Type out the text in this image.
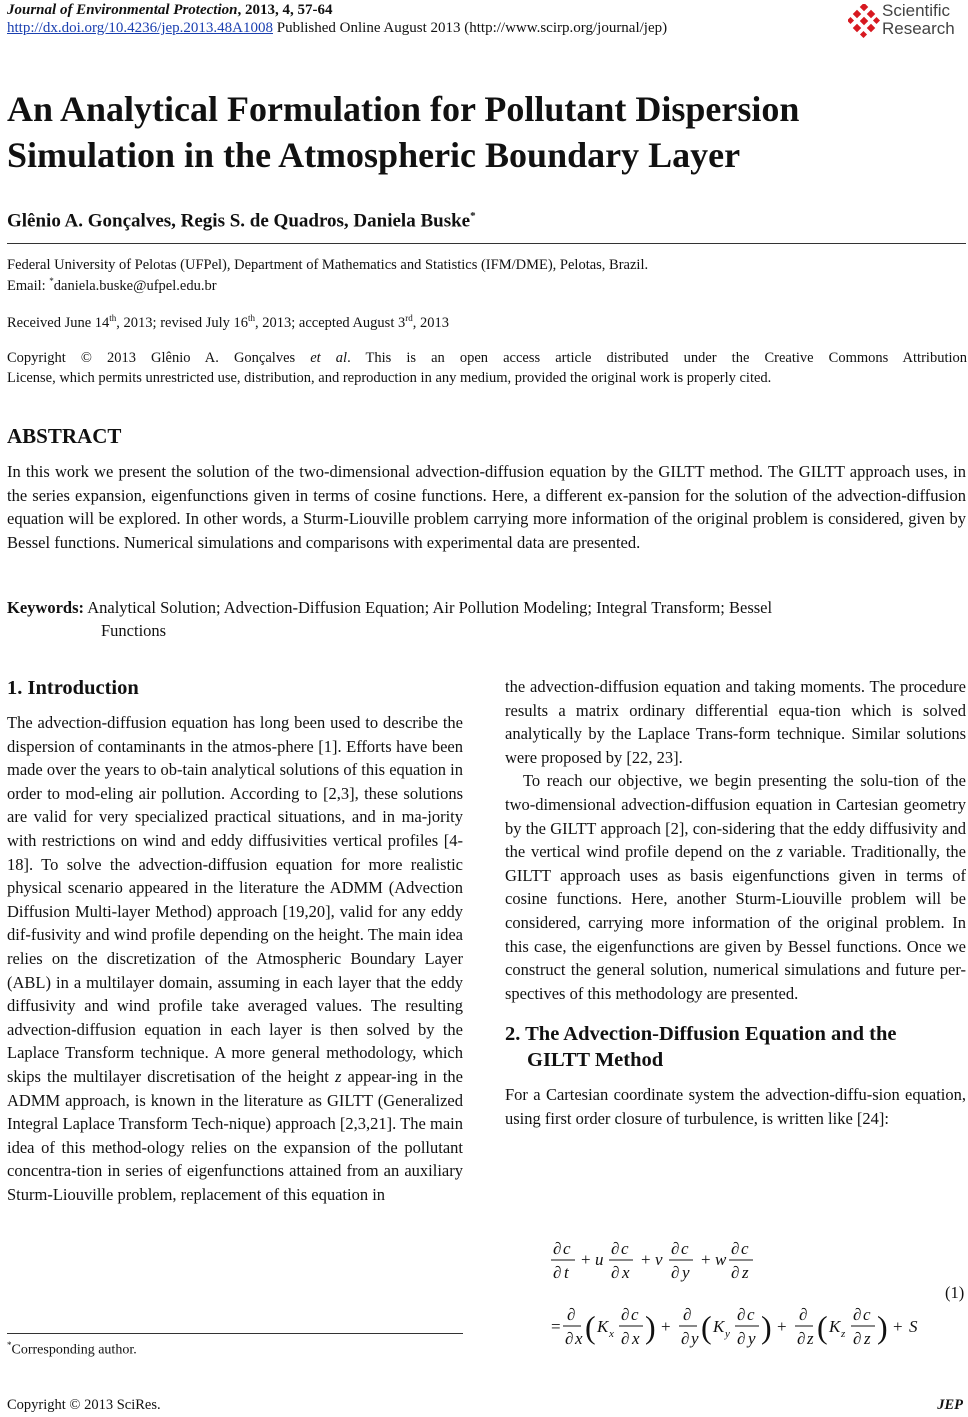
Journal of Environmental Protection, 2013, 4, 57-64
http://dx.doi.org/10.4236/jep.2013.48A1008 Published Online August 2013 (http://www.scirp.org/journal/jep)
Scientific
Research
An Analytical Formulation for Pollutant Dispersion
Simulation in the Atmospheric Boundary Layer
Glênio A. Gonçalves, Regis S. de Quadros, Daniela Buske*
Federal University of Pelotas (UFPel), Department of Mathematics and Statistics (IFM/DME), Pelotas, Brazil.
Email: *daniela.buske@ufpel.edu.br
Received June 14th, 2013; revised July 16th, 2013; accepted August 3rd, 2013
Copyright © 2013 Glênio A. Gonçalves et al. This is an open access article distributed under the Creative Commons Attribution
License, which permits unrestricted use, distribution, and reproduction in any medium, provided the original work is properly cited.
ABSTRACT
In this work we present the solution of the two-dimensional advection-diffusion equation by the GILTT method. The GILTT approach uses, in the series expansion, eigenfunctions given in terms of cosine functions. Here, a different ex-pansion for the solution of the advection-diffusion equation will be explored. In other words, a Sturm-Liouville problem carrying more information of the original problem is considered, given by Bessel functions. Numerical simulations and comparisons with experimental data are presented.
Keywords: Analytical Solution; Advection-Diffusion Equation; Air Pollution Modeling; Integral Transform; Bessel
Functions
1. Introduction

The advection-diffusion equation has long been used to describe the dispersion of contaminants in the atmos-phere [1]. Efforts have been made over the years to ob-tain analytical solutions of this equation in order to mod-eling air pollution. According to [2,3], these solutions are valid for very specialized practical situations, and in ma-jority with restrictions on wind and eddy diffusivities vertical profiles [4-18]. To solve the advection-diffusion equation for more realistic physical scenario appeared in the literature the ADMM (Advection Diffusion Multi-layer Method) approach [19,20], valid for any eddy dif-fusivity and wind profile depending on the height. The main idea relies on the discretization of the Atmospheric Boundary Layer (ABL) in a multilayer domain, assuming in each layer that the eddy diffusivity and wind profile take averaged values. The resulting advection-diffusion equation in each layer is then solved by the Laplace Transform technique. A more general methodology, which skips the multilayer discretisation of the height z appear-ing in the ADMM approach, is known in the literature as GILTT (Generalized Integral Laplace Transform Tech-nique) approach [2,3,21]. The main idea of this method-ology relies on the expansion of the pollutant concentra-tion in series of eigenfunctions attained from an auxiliary Sturm-Liouville problem, replacement of this equation in

the advection-diffusion equation and taking moments. The procedure results a matrix ordinary differential equa-tion which is solved analytically by the Laplace Trans-form technique. Similar solutions were proposed by [22, 23].

To reach our objective, we begin presenting the solu-tion of the two-dimensional advection-diffusion equation in Cartesian geometry by the GILTT approach [2], con-sidering that the eddy diffusivity and the vertical wind profile depend on the z variable. Traditionally, the GILTT approach uses as basis eigenfunctions given in terms of cosine functions. Here, another Sturm-Liouville problem will be considered, carrying more information of the original problem. In this case, the eigenfunctions are given by Bessel functions. Once we construct the general solution, numerical simulations and future per-spectives of this methodology are presented.

2. The Advection-Diffusion Equation and the
GILTT Method

For a Cartesian coordinate system the advection-diffu-sion equation, using first order closure of turbulence, is written like [24]:

∂ c
∂ t
+ u
∂ c
∂ x
+ v
∂ c
∂ y
+ w
∂ c
∂ z
=
∂
∂ x ( K x
∂ c
∂ x ) +
∂
∂ y ( K y
∂ c
∂ y ) +
∂
∂ z ( K z
∂ c
∂ z ) + S
(1)
*Corresponding author.
Copyright © 2013 SciRes.	JEP
